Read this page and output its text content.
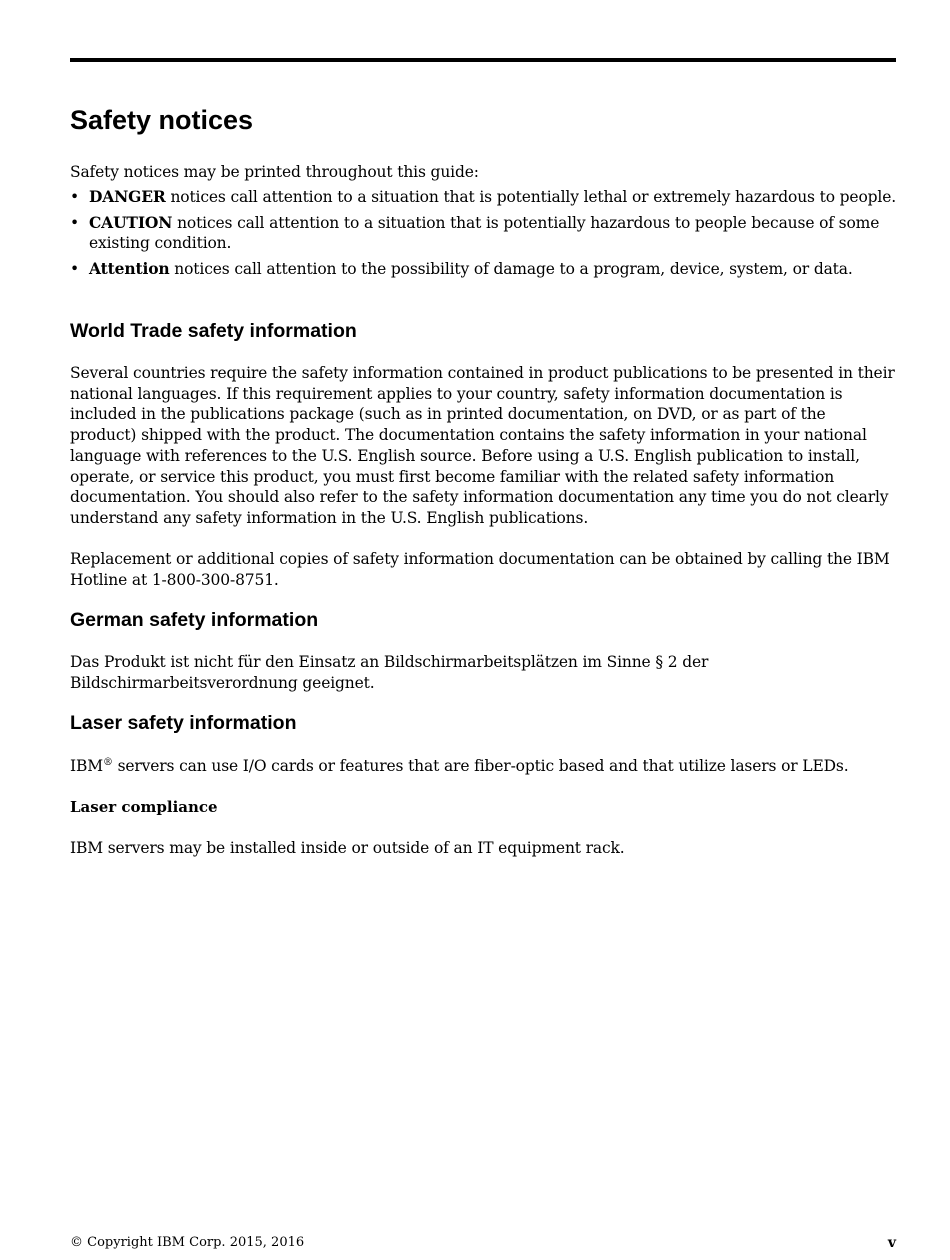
Safety notices

Safety notices may be printed throughout this guide:

• DANGER notices call attention to a situation that is potentially lethal or extremely hazardous to people.
• CAUTION notices call attention to a situation that is potentially hazardous to people because of some existing condition.
• Attention notices call attention to the possibility of damage to a program, device, system, or data.
World Trade safety information

Several countries require the safety information contained in product publications to be presented in their national languages. If this requirement applies to your country, safety information documentation is included in the publications package (such as in printed documentation, on DVD, or as part of the product) shipped with the product. The documentation contains the safety information in your national language with references to the U.S. English source. Before using a U.S. English publication to install, operate, or service this product, you must first become familiar with the related safety information documentation. You should also refer to the safety information documentation any time you do not clearly understand any safety information in the U.S. English publications.

Replacement or additional copies of safety information documentation can be obtained by calling the IBM Hotline at 1-800-300-8751.

German safety information

Das Produkt ist nicht für den Einsatz an Bildschirmarbeitsplätzen im Sinne § 2 der Bildschirmarbeitsverordnung geeignet.

Laser safety information

IBM® servers can use I/O cards or features that are fiber-optic based and that utilize lasers or LEDs.

Laser compliance

IBM servers may be installed inside or outside of an IT equipment rack.

© Copyright IBM Corp. 2015, 2016	v
